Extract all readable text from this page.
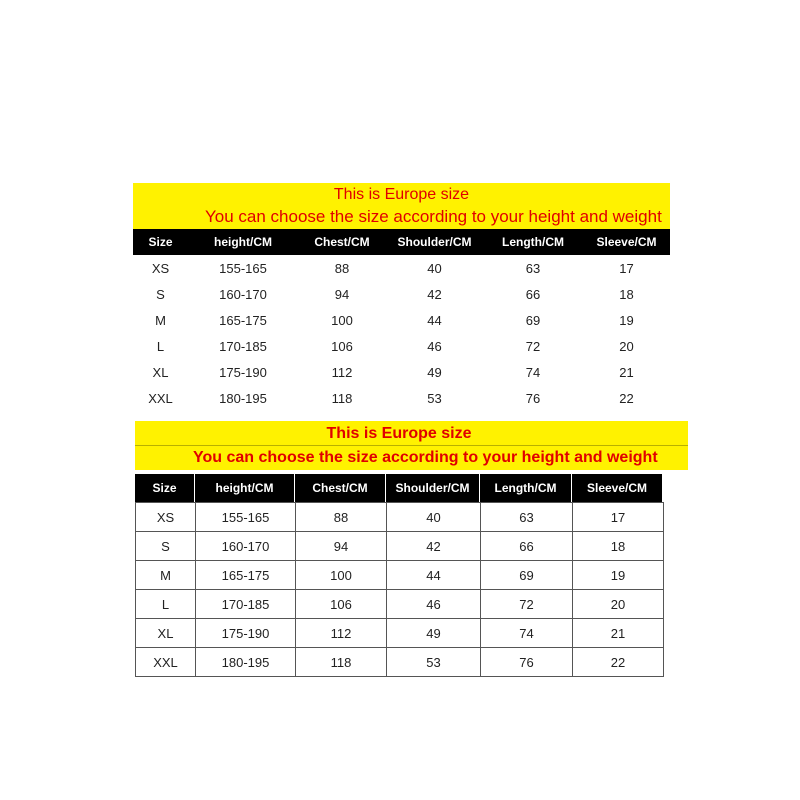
This is Europe size
You can choose the size according to your height and weight
Size	height/CM	Chest/CM	Shoulder/CM	Length/CM	Sleeve/CM
XS	155-165	88	40	63	17
S	160-170	94	42	66	18
M	165-175	100	44	69	19
L	170-185	106	46	72	20
XL	175-190	112	49	74	21
XXL	180-195	118	53	76	22
This is Europe size
You can choose the size according to your height and weight
Size	height/CM	Chest/CM	Shoulder/CM	Length/CM	Sleeve/CM
XS	155-165	88	40	63	17
S	160-170	94	42	66	18
M	165-175	100	44	69	19
L	170-185	106	46	72	20
XL	175-190	112	49	74	21
XXL	180-195	118	53	76	22
